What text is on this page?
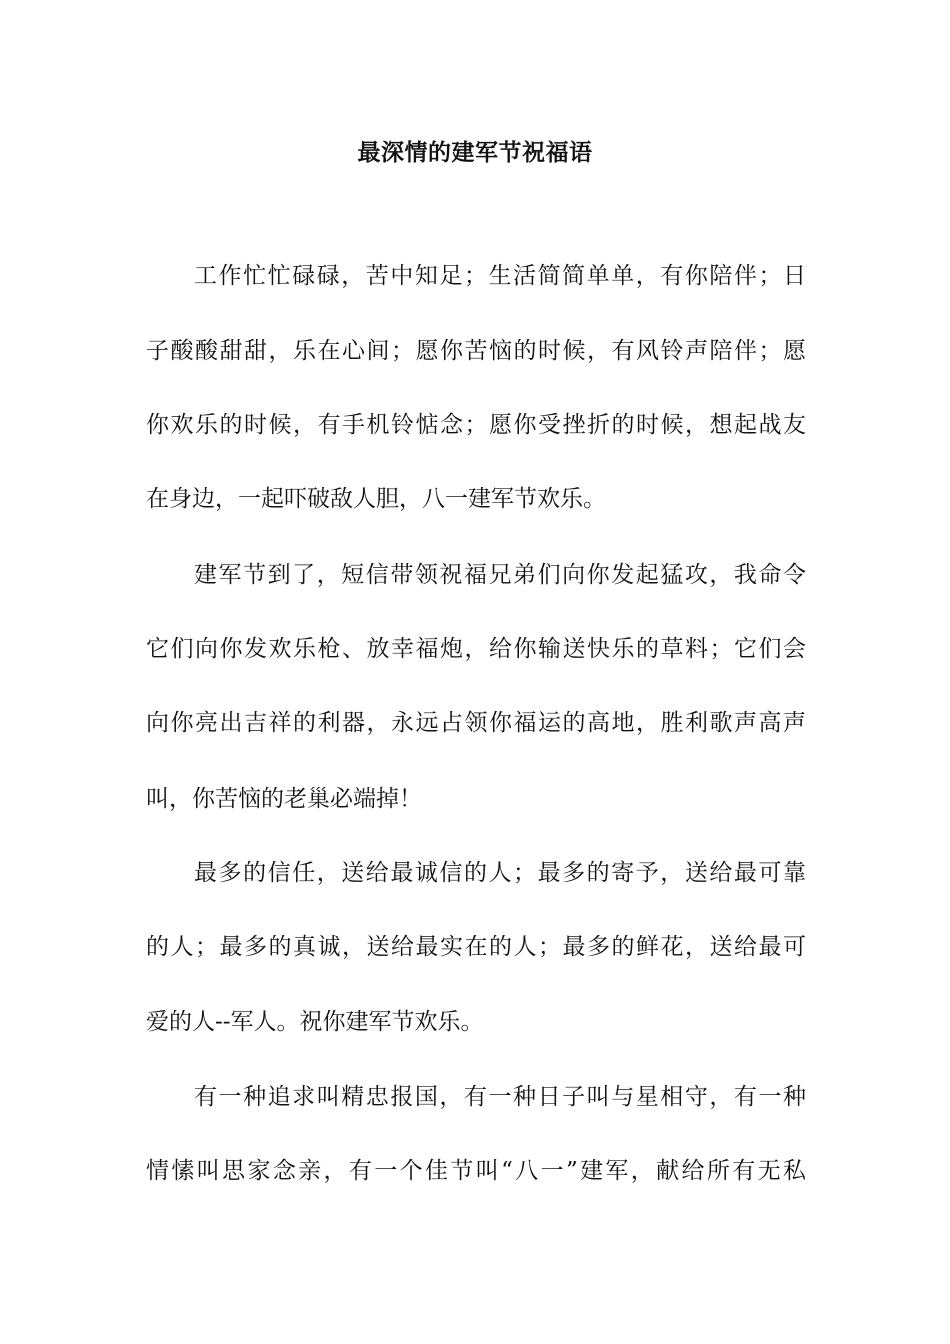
最深情的建军节祝福语
工作忙忙碌碌，苦中知足；生活简简单单，有你陪伴；日
子酸酸甜甜，乐在心间；愿你苦恼的时候，有风铃声陪伴；愿
你欢乐的时候，有手机铃惦念；愿你受挫折的时候，想起战友
在身边，一起吓破敌人胆，八一建军节欢乐。
建军节到了，短信带领祝福兄弟们向你发起猛攻，我命令
它们向你发欢乐枪、放幸福炮，给你输送快乐的草料；它们会
向你亮出吉祥的利器，永远占领你福运的高地，胜利歌声高声
叫，你苦恼的老巢必端掉！
最多的信任，送给最诚信的人；最多的寄予，送给最可靠
的人；最多的真诚，送给最实在的人；最多的鲜花，送给最可
爱的人--军人。祝你建军节欢乐。
有一种追求叫精忠报国，有一种日子叫与星相守，有一种
情愫叫思家念亲，有一个佳节叫“八一”建军，献给所有无私
